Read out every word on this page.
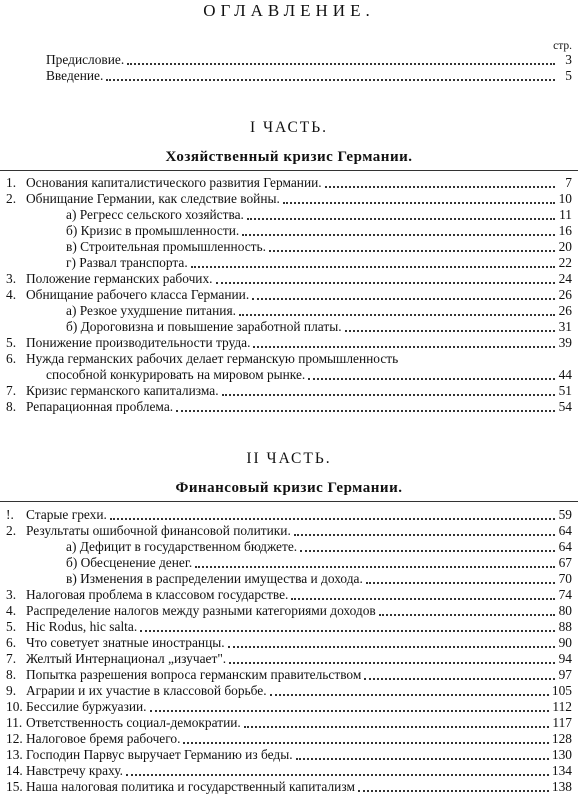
ОГЛАВЛЕНИЕ.
стр.
Предисловие.	3
Введение.	5
I ЧАСТЬ.
Хозяйственный кризис Германии.
1. Основания капиталистического развития Германии.	7
2. Обнищание Германии, как следствие войны.	10
а) Регресс сельского хозяйства.	11
б) Кризис в промышленности.	16
в) Строительная промышленность.	20
г) Развал транспорта.	22
3. Положение германских рабочих.	24
4. Обнищание рабочего класса Германии.	26
а) Резкое ухудшение питания.	26
б) Дороговизна и повышение заработной платы.	31
5. Понижение производительности труда.	39
6. Нужда германских рабочих делает германскую промышленность
способной конкурировать на мировом рынке.	44
7. Кризис германского капитализма.	51
8. Репарационная проблема.	54
II ЧАСТЬ.
Финансовый кризис Германии.
!. Старые грехи.	59
2. Результаты ошибочной финансовой политики.	64
а) Дефицит в государственном бюджете.	64
б) Обесценение денег.	67
в) Изменения в распределении имущества и дохода.	70
3. Налоговая проблема в классовом государстве.	74
4. Распределение налогов между разными категориями доходов	80
5. Hic Rodus, hic salta.	88
6. Что советует знатные иностранцы.	90
7. Желтый Интернационал „изучает".	94
8. Попытка разрешения вопроса германским правительством	97
9. Аграрии и их участие в классовой борьбе.	105
10. Бессилие буржуазии.	112
11. Ответственность социал-демократии.	117
12. Налоговое бремя рабочего.	128
13. Господин Парвус выручает Германию из беды.	130
14. Навстречу краху.	134
15. Наша налоговая политика и государственный капитализм	138
